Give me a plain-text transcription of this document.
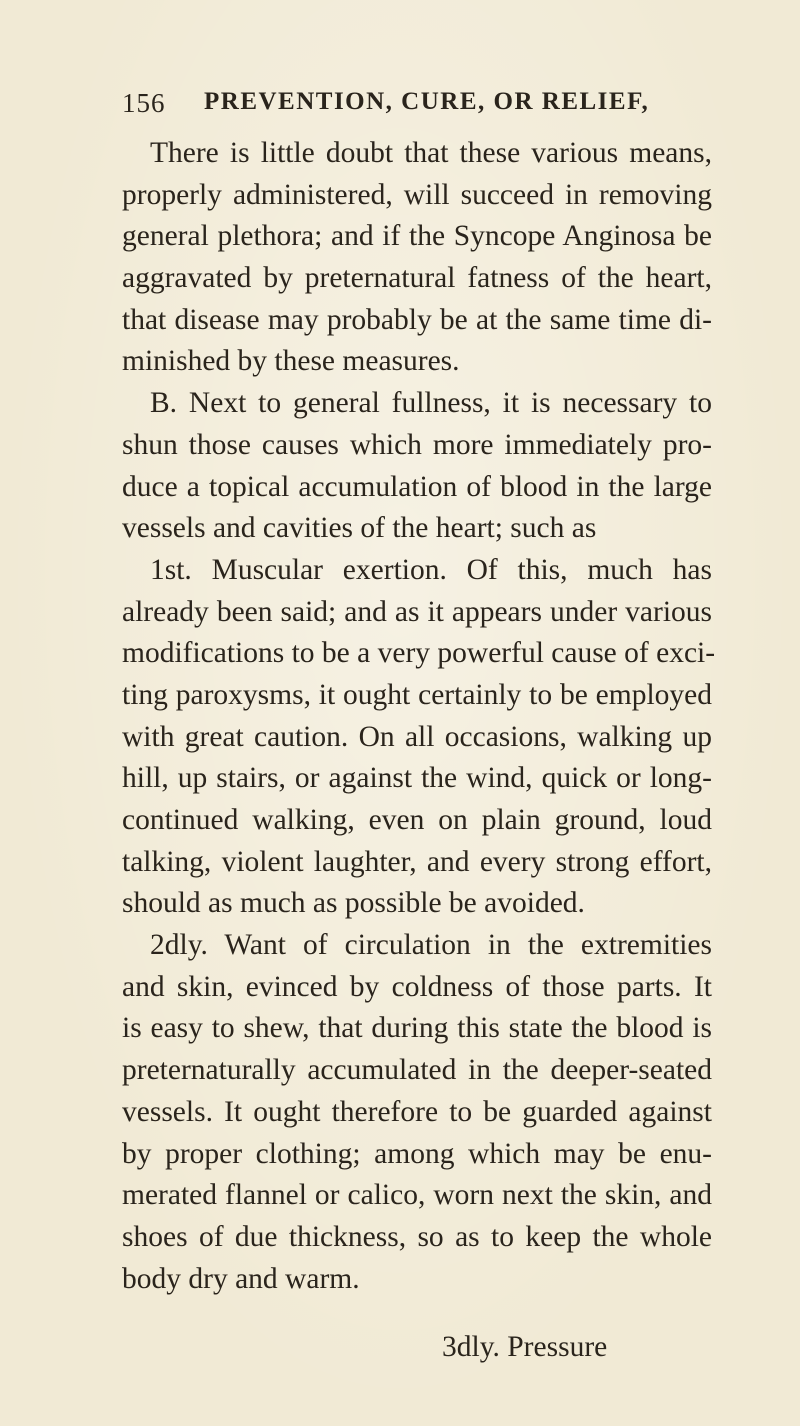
156 PREVENTION, CURE, OR RELIEF,
There is little doubt that these various means,
properly administered, will succeed in removing
general plethora; and if the Syncope Anginosa be
aggravated by preternatural fatness of the heart,
that disease may probably be at the same time di-
minished by these measures.
B. Next to general fullness, it is necessary to
shun those causes which more immediately pro-
duce a topical accumulation of blood in the large
vessels and cavities of the heart; such as
1st. Muscular exertion. Of this, much has
already been said; and as it appears under various
modifications to be a very powerful cause of exci-
ting paroxysms, it ought certainly to be employed
with great caution. On all occasions, walking up
hill, up stairs, or against the wind, quick or long-
continued walking, even on plain ground, loud
talking, violent laughter, and every strong effort,
should as much as possible be avoided.
2dly. Want of circulation in the extremities
and skin, evinced by coldness of those parts. It
is easy to shew, that during this state the blood is
preternaturally accumulated in the deeper-seated
vessels. It ought therefore to be guarded against
by proper clothing; among which may be enu-
merated flannel or calico, worn next the skin, and
shoes of due thickness, so as to keep the whole
body dry and warm.
3dly. Pressure
